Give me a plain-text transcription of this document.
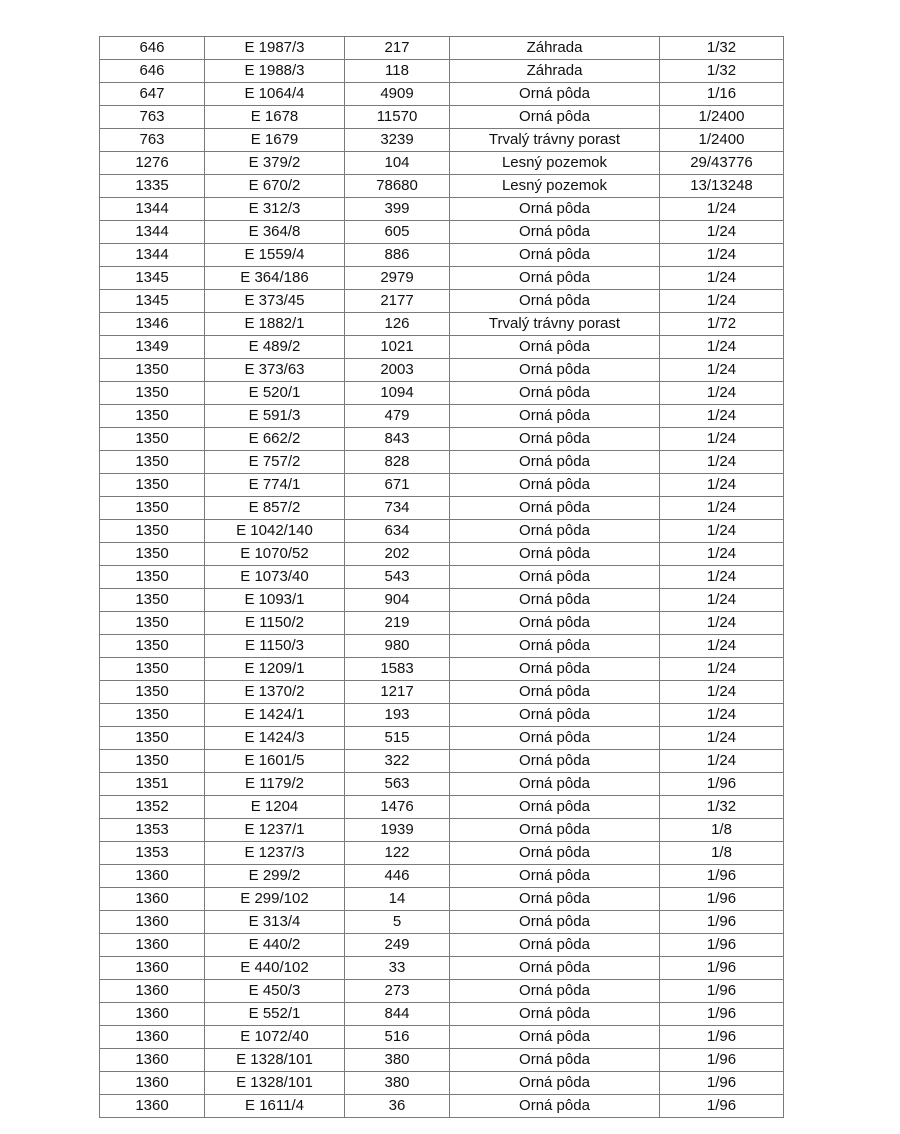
646	E 1987/3	217	Záhrada	1/32
646	E 1988/3	118	Záhrada	1/32
647	E 1064/4	4909	Orná pôda	1/16
763	E 1678	11570	Orná pôda	1/2400
763	E 1679	3239	Trvalý trávny porast	1/2400
1276	E 379/2	104	Lesný pozemok	29/43776
1335	E 670/2	78680	Lesný pozemok	13/13248
1344	E 312/3	399	Orná pôda	1/24
1344	E 364/8	605	Orná pôda	1/24
1344	E 1559/4	886	Orná pôda	1/24
1345	E 364/186	2979	Orná pôda	1/24
1345	E 373/45	2177	Orná pôda	1/24
1346	E 1882/1	126	Trvalý trávny porast	1/72
1349	E 489/2	1021	Orná pôda	1/24
1350	E 373/63	2003	Orná pôda	1/24
1350	E 520/1	1094	Orná pôda	1/24
1350	E 591/3	479	Orná pôda	1/24
1350	E 662/2	843	Orná pôda	1/24
1350	E 757/2	828	Orná pôda	1/24
1350	E 774/1	671	Orná pôda	1/24
1350	E 857/2	734	Orná pôda	1/24
1350	E 1042/140	634	Orná pôda	1/24
1350	E 1070/52	202	Orná pôda	1/24
1350	E 1073/40	543	Orná pôda	1/24
1350	E 1093/1	904	Orná pôda	1/24
1350	E 1150/2	219	Orná pôda	1/24
1350	E 1150/3	980	Orná pôda	1/24
1350	E 1209/1	1583	Orná pôda	1/24
1350	E 1370/2	1217	Orná pôda	1/24
1350	E 1424/1	193	Orná pôda	1/24
1350	E 1424/3	515	Orná pôda	1/24
1350	E 1601/5	322	Orná pôda	1/24
1351	E 1179/2	563	Orná pôda	1/96
1352	E 1204	1476	Orná pôda	1/32
1353	E 1237/1	1939	Orná pôda	1/8
1353	E 1237/3	122	Orná pôda	1/8
1360	E 299/2	446	Orná pôda	1/96
1360	E 299/102	14	Orná pôda	1/96
1360	E 313/4	5	Orná pôda	1/96
1360	E 440/2	249	Orná pôda	1/96
1360	E 440/102	33	Orná pôda	1/96
1360	E 450/3	273	Orná pôda	1/96
1360	E 552/1	844	Orná pôda	1/96
1360	E 1072/40	516	Orná pôda	1/96
1360	E 1328/101	380	Orná pôda	1/96
1360	E 1328/101	380	Orná pôda	1/96
1360	E 1611/4	36	Orná pôda	1/96
